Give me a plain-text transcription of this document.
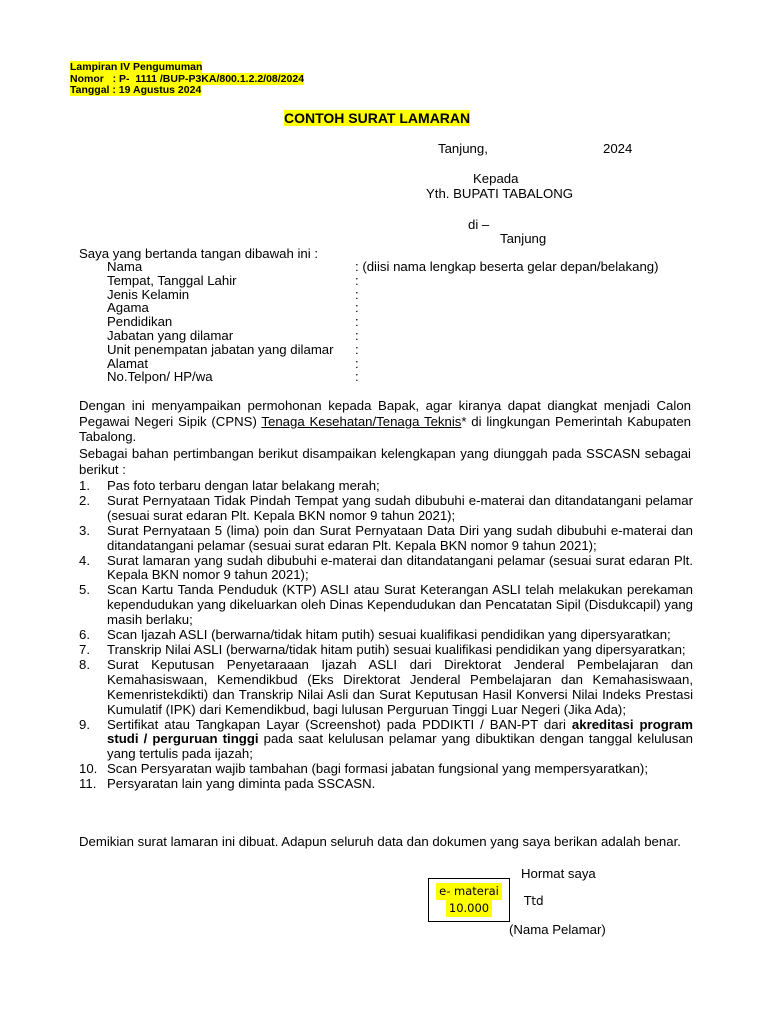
Lampiran IV Pengumuman
Nomor   : P-  1111 /BUP-P3KA/800.1.2.2/08/2024
Tanggal : 19 Agustus 2024
CONTOH SURAT LAMARAN
Tanjung,	2024
Kepada
Yth. BUPATI TABALONG
di –
Tanjung
Saya yang bertanda tangan dibawah ini :
Nama	: (diisi nama lengkap beserta gelar depan/belakang)
Tempat, Tanggal Lahir	:
Jenis Kelamin	:
Agama	:
Pendidikan	:
Jabatan yang dilamar	:
Unit penempatan jabatan yang dilamar :
Alamat	:
No.Telpon/ HP/wa	:
Dengan ini menyampaikan permohonan kepada Bapak, agar kiranya dapat diangkat menjadi Calon Pegawai Negeri Sipik (CPNS) Tenaga Kesehatan/Tenaga Teknis* di lingkungan Pemerintah Kabupaten Tabalong.
Sebagai bahan pertimbangan berikut disampaikan kelengkapan yang diunggah pada SSCASN sebagai berikut :
1. Pas foto terbaru dengan latar belakang merah;
2. Surat Pernyataan Tidak Pindah Tempat yang sudah dibubuhi e-materai dan ditandatangani pelamar (sesuai surat edaran Plt. Kepala BKN nomor 9 tahun 2021);
3. Surat Pernyataan 5 (lima) poin dan Surat Pernyataan Data Diri yang sudah dibubuhi e-materai dan ditandatangani pelamar (sesuai surat edaran Plt. Kepala BKN nomor 9 tahun 2021);
4. Surat lamaran yang sudah dibubuhi e-materai dan ditandatangani pelamar (sesuai surat edaran Plt. Kepala BKN nomor 9 tahun 2021);
5. Scan Kartu Tanda Penduduk (KTP) ASLI atau Surat Keterangan ASLI telah melakukan perekaman kependudukan yang dikeluarkan oleh Dinas Kependudukan dan Pencatatan Sipil (Disdukcapil) yang masih berlaku;
6. Scan Ijazah ASLI (berwarna/tidak hitam putih) sesuai kualifikasi pendidikan yang dipersyaratkan;
7. Transkrip Nilai ASLI (berwarna/tidak hitam putih) sesuai kualifikasi pendidikan yang dipersyaratkan;
8. Surat Keputusan Penyetaraaan Ijazah ASLI dari Direktorat Jenderal Pembelajaran dan Kemahasiswaan, Kemendikbud (Eks Direktorat Jenderal Pembelajaran dan Kemahasiswaan, Kemenristekdikti) dan Transkrip Nilai Asli dan Surat Keputusan Hasil Konversi Nilai Indeks Prestasi Kumulatif (IPK) dari Kemendikbud, bagi lulusan Perguruan Tinggi Luar Negeri (Jika Ada);
9. Sertifikat atau Tangkapan Layar (Screenshot) pada PDDIKTI / BAN-PT dari akreditasi program studi / perguruan tinggi pada saat kelulusan pelamar yang dibuktikan dengan tanggal kelulusan yang tertulis pada ijazah;
10. Scan Persyaratan wajib tambahan (bagi formasi jabatan fungsional yang mempersyaratkan);
11. Persyaratan lain yang diminta pada SSCASN.
Demikian surat lamaran ini dibuat. Adapun seluruh data dan dokumen yang saya berikan adalah benar.
Hormat saya
e- materai
10.000	Ttd
(Nama Pelamar)
